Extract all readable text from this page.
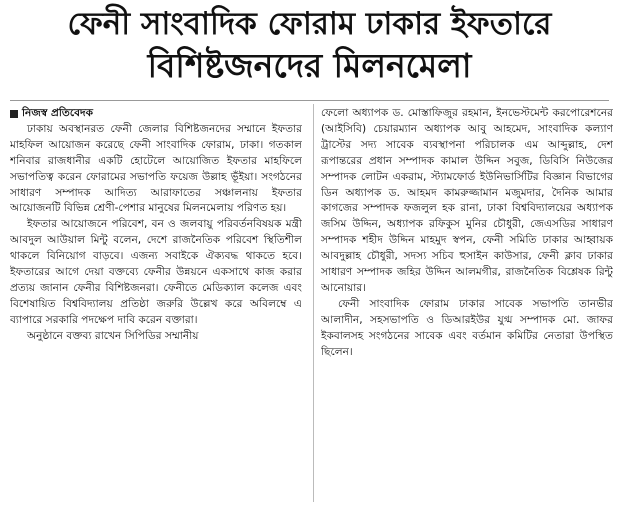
ফেনী সাংবাদিক ফোরাম ঢাকার ইফতারে
বিশিষ্টজনদের মিলনমেলা
নিজস্ব প্রতিবেদক

ঢাকায় অবস্থানরত ফেনী জেলার বিশিষ্টজনদের সম্মানে ইফতার মাহফিল আয়োজন করেছে ফেনী সাংবাদিক ফোরাম, ঢাকা। গতকাল শনিবার রাজধানীর একটি হোটেলে আয়োজিত ইফতার মাহফিলে সভাপতিত্ব করেন ফোরামের সভাপতি ফয়েজ উল্লাহ ভূঁইয়া। সংগঠনের সাধারণ সম্পাদক আদিত্য আরাফাতের সঞ্চালনায় ইফতার আয়োজনটি বিভিন্ন শ্রেণী-পেশার মানুষের মিলনমেলায় পরিণত হয়।

ইফতার আয়োজনে পরিবেশ, বন ও জলবায়ু পরিবর্তনবিষয়ক মন্ত্রী আবদুল আউয়াল মিন্টু বলেন, দেশে রাজনৈতিক পরিবেশ স্থিতিশীল থাকলে বিনিয়োগ বাড়বে। এজন্য সবাইকে ঐক্যবদ্ধ থাকতে হবে। ইফতারের আগে দেয়া বক্তব্যে ফেনীর উন্নয়নে একসাথে কাজ করার প্রত্যয় জানান ফেনীর বিশিষ্টজনরা। ফেনীতে মেডিক্যাল কলেজ এবং বিশেষায়িত বিশ্ববিদ্যালয় প্রতিষ্ঠা জরুরি উল্লেখ করে অবিলম্বে এ ব্যাপারে সরকারি পদক্ষেপ দাবি করেন বক্তারা।

অনুষ্ঠানে বক্তব্য রাখেন সিপিডির সম্মানীয়

ফেলো অধ্যাপক ড. মোস্তাফিজুর রহমান, ইনভেস্টমেন্ট করপোরেশনের (আইসিবি) চেয়ারম্যান অধ্যাপক আবু আহমেদ, সাংবাদিক কল্যাণ ট্রাস্টের সদ্য সাবেক ব্যবস্থাপনা পরিচালক এম আব্দুল্লাহ, দেশ রূপান্তরের প্রধান সম্পাদক কামাল উদ্দিন সবুজ, ডিবিসি নিউজের সম্পাদক লোটন একরাম, স্ট্যামফোর্ড ইউনিভার্সিটির বিজ্ঞান বিভাগের ডিন অধ্যাপক ড. আহমদ কামরুজ্জামান মজুমদার, দৈনিক আমার কাগজের সম্পাদক ফজলুল হক রানা, ঢাকা বিশ্ববিদ্যালয়ের অধ্যাপক জসিম উদ্দিন, অধ্যাপক রফিকুস মুনির চৌধুরী, জেএসডির সাধারণ সম্পাদক শহীদ উদ্দিন মাহমুদ স্বপন, ফেনী সমিতি ঢাকার আহ্বায়ক আবদুল্লাহ চৌধুরী, সদস্য সচিব হুসাইন কাউসার, ফেনী ক্লাব ঢাকার সাধারণ সম্পাদক জহির উদ্দিন আলমগীর, রাজনৈতিক বিশ্লেষক রিন্টু আনোয়ার।

ফেনী সাংবাদিক ফোরাম ঢাকার সাবেক সভাপতি তানভীর আলাদীন, সহসভাপতি ও ডিআরইউর যুগ্ম সম্পাদক মো. জাফর ইকবালসহ সংগঠনের সাবেক এবং বর্তমান কমিটির নেতারা উপস্থিত ছিলেন।
